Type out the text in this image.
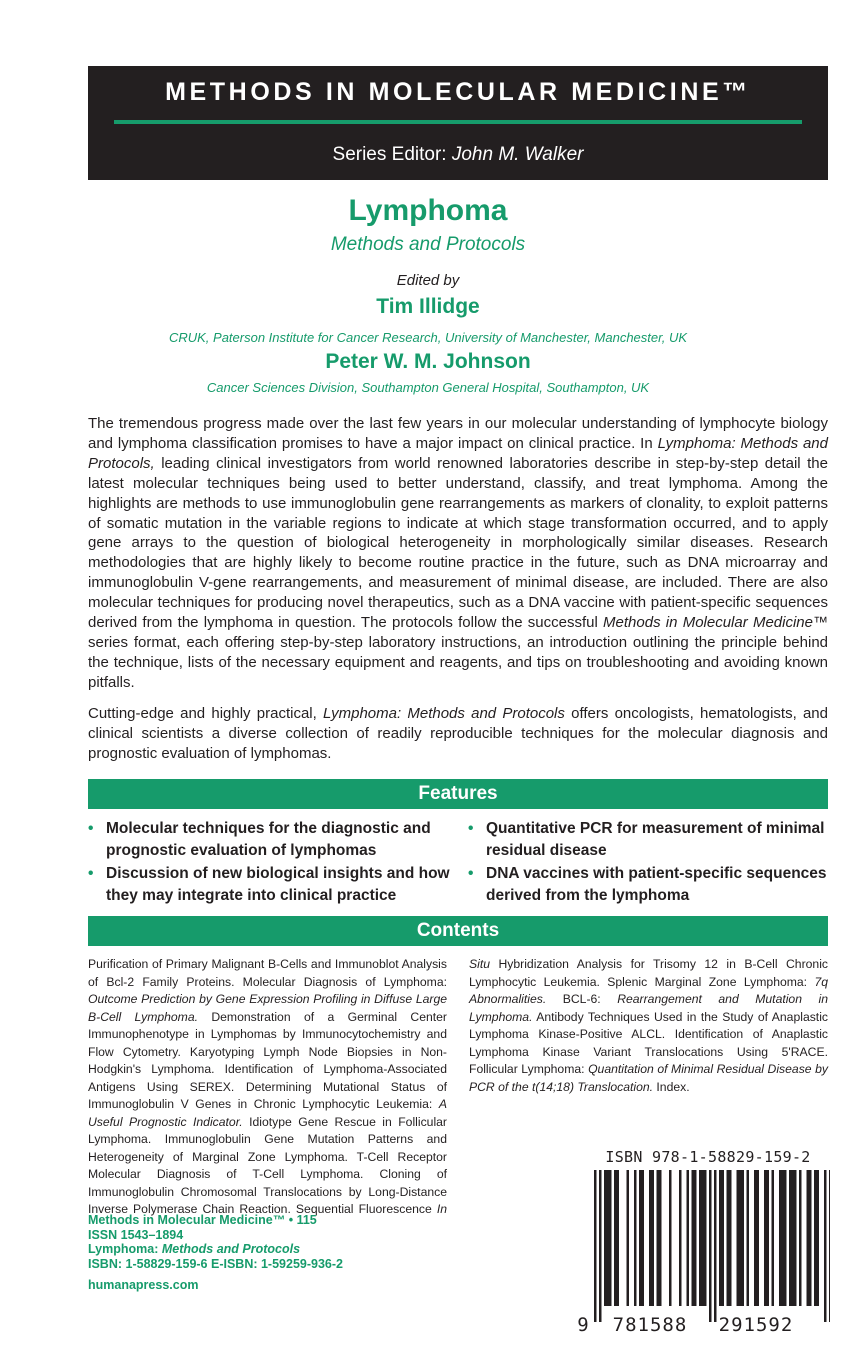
METHODS IN MOLECULAR MEDICINE™
Series Editor: John M. Walker
Lymphoma
Methods and Protocols
Edited by
Tim Illidge
CRUK, Paterson Institute for Cancer Research, University of Manchester, Manchester, UK
Peter W. M. Johnson
Cancer Sciences Division, Southampton General Hospital, Southampton, UK

The tremendous progress made over the last few years in our molecular understanding of lymphocyte biology and lymphoma classification promises to have a major impact on clinical practice. In Lymphoma: Methods and Protocols, leading clinical investigators from world renowned laboratories describe in step-by-step detail the latest molecular techniques being used to better understand, classify, and treat lymphoma. Among the highlights are methods to use immunoglobulin gene rearrangements as markers of clonality, to exploit patterns of somatic mutation in the variable regions to indicate at which stage transformation occurred, and to apply gene arrays to the question of biological heterogeneity in morphologically similar diseases. Research methodologies that are highly likely to become routine practice in the future, such as DNA microarray and immunoglobulin V-gene rearrangements, and measurement of minimal disease, are included. There are also molecular techniques for producing novel therapeutics, such as a DNA vaccine with patient-specific sequences derived from the lymphoma in question. The protocols follow the successful Methods in Molecular Medicine™ series format, each offering step-by-step laboratory instructions, an introduction outlining the principle behind the technique, lists of the necessary equipment and reagents, and tips on troubleshooting and avoiding known pitfalls.

Cutting-edge and highly practical, Lymphoma: Methods and Protocols offers oncologists, hematologists, and clinical scientists a diverse collection of readily reproducible techniques for the molecular diagnosis and prognostic evaluation of lymphomas.

Features
• Molecular techniques for the diagnostic and prognostic evaluation of lymphomas
• Discussion of new biological insights and how they may integrate into clinical practice
• Quantitative PCR for measurement of minimal residual disease
• DNA vaccines with patient-specific sequences derived from the lymphoma
Contents

Purification of Primary Malignant B-Cells and Immunoblot Analysis of Bcl-2 Family Proteins. Molecular Diagnosis of Lymphoma: Outcome Prediction by Gene Expression Profiling in Diffuse Large B-Cell Lymphoma. Demonstration of a Germinal Center Immunophenotype in Lymphomas by Immunocytochemistry and Flow Cytometry. Karyotyping Lymph Node Biopsies in Non-Hodgkin's Lymphoma. Identification of Lymphoma-Associated Antigens Using SEREX. Determining Mutational Status of Immunoglobulin V Genes in Chronic Lymphocytic Leukemia: A Useful Prognostic Indicator. Idiotype Gene Rescue in Follicular Lymphoma. Immunoglobulin Gene Mutation Patterns and Heterogeneity of Marginal Zone Lymphoma. T-Cell Receptor Molecular Diagnosis of T-Cell Lymphoma. Cloning of Immunoglobulin Chromosomal Translocations by Long-Distance Inverse Polymerase Chain Reaction. Sequential Fluorescence In Situ Hybridization Analysis for Trisomy 12 in B-Cell Chronic Lymphocytic Leukemia. Splenic Marginal Zone Lymphoma: 7q Abnormalities. BCL-6: Rearrangement and Mutation in Lymphoma. Antibody Techniques Used in the Study of Anaplastic Lymphoma Kinase-Positive ALCL. Identification of Anaplastic Lymphoma Kinase Variant Translocations Using 5'RACE. Follicular Lymphoma: Quantitation of Minimal Residual Disease by PCR of the t(14;18) Translocation. Index.

Methods in Molecular Medicine™ • 115
ISSN 1543–1894
Lymphoma: Methods and Protocols
ISBN: 1-58829-159-6 E-ISBN: 1-59259-936-2
humanapress.com
ISBN 978-1-58829-159-2
9 781588 291592
